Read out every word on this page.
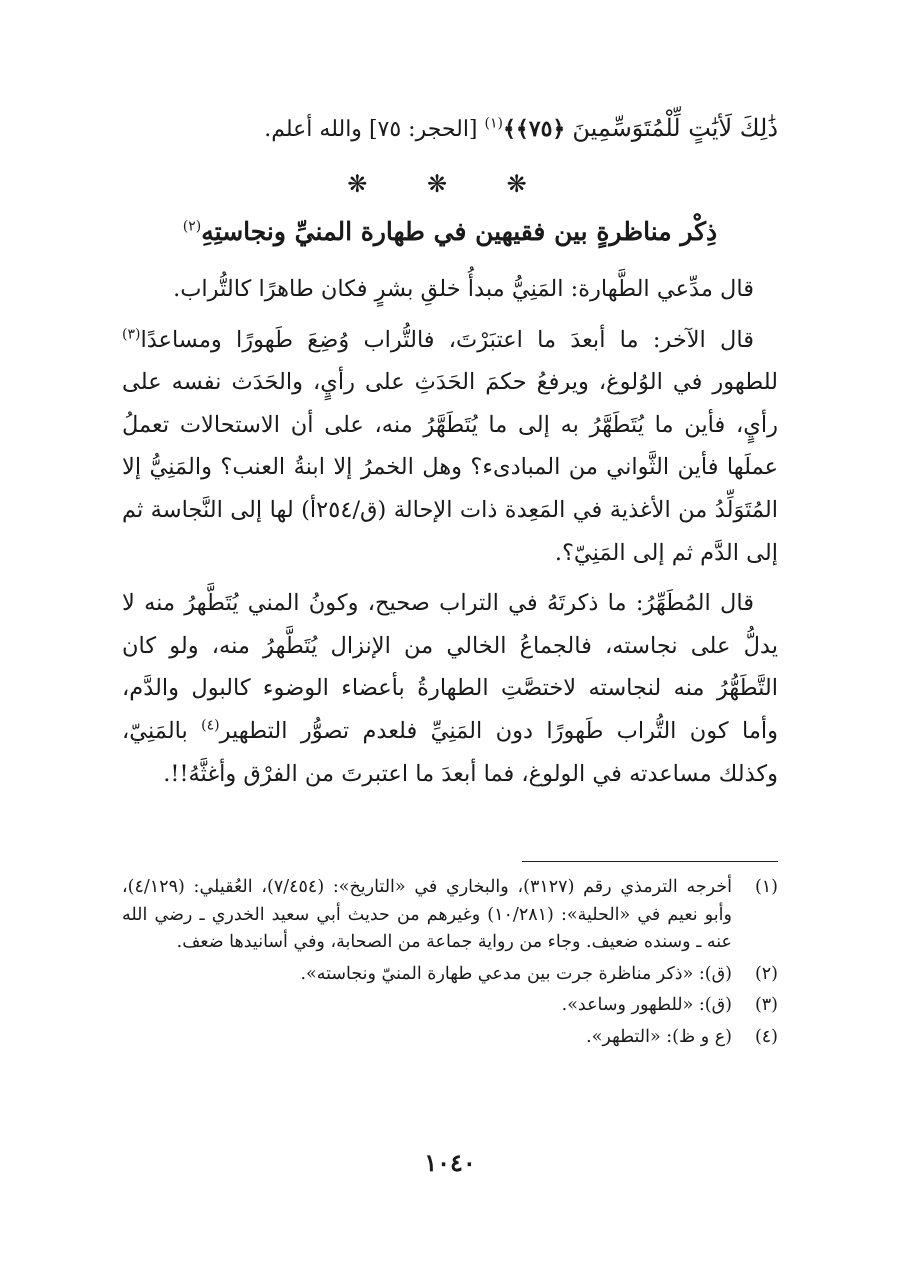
ذَٰلِكَ لَأيَٰتٍ لِّلْمُتَوَسِّمِينَ ﴿٧٥﴾﴾$^{(١)}$ [الحجر: ٧٥] والله أعلم.
❋ ❋ ❋
ذِكْر مناظرةٍ بين فقيهين في طهارة المنيِّ ونجاستِهِ$^{(٢)}$

قال مدِّعي الطَّهارة: المَنِيُّ مبدأُ خلقِ بشرٍ فكان طاهرًا كالتُّراب.

قال الآخر: ما أبعدَ ما اعتبَرْتَ، فالتُّراب وُضِعَ طَهورًا ومساعدًا$^{(٣)}$ للطهور في الوُلوغ، ويرفعُ حكمَ الحَدَثِ على رأيٍ، والحَدَث نفسه على رأيٍ، فأين ما يُتَطَهَّرُ به إلى ما يُتَطَهَّرُ منه، على أن الاستحالات تعملُ عملَها فأين الثَّواني من المبادىء؟ وهل الخمرُ إلا ابنةُ العنب؟ والمَنِيُّ إلا المُتَوَلِّدُ من الأغذية في المَعِدة ذات الإحالة (ق/٢٥٤أ) لها إلى النَّجاسة ثم إلى الدَّم ثم إلى المَنِيّ؟.

قال المُطَهِّرُ: ما ذكرتَهُ في التراب صحيح، وكونُ المني يُتَطَّهرُ منه لا يدلُّ على نجاسته، فالجماعُ الخالي من الإنزال يُتَطَّهرُ منه، ولو كان التَّطَهُّرُ منه لنجاسته لاختصَّتِ الطهارةُ بأعضاء الوضوء كالبول والدَّم، وأما كون التُّراب طَهورًا دون المَنِيِّ فلعدم تصوُّر التطهير$^{(٤)}$ بالمَنِيّ، وكذلك مساعدته في الولوغ، فما أبعدَ ما اعتبرتَ من الفرْق وأغثَّهُ!!.

(١)
أخرجه الترمذي رقم (٣١٢٧)، والبخاري في «التاريخ»: (٧/٤٥٤)، العُقيلي: (٤/١٢٩)، وأبو نعيم في «الحلية»: (١٠/٢٨١) وغيرهم من حديث أبي سعيد الخدري ـ رضي الله عنه ـ وسنده ضعيف. وجاء من رواية جماعة من الصحابة، وفي أسانيدها ضعف.
(٢)
(ق): «ذكر مناظرة جرت بين مدعي طهارة المنيّ ونجاسته».
(٣)
(ق): «للطهور وساعد».
(٤)
(ع و ظ): «التطهر».
١٠٤٠
